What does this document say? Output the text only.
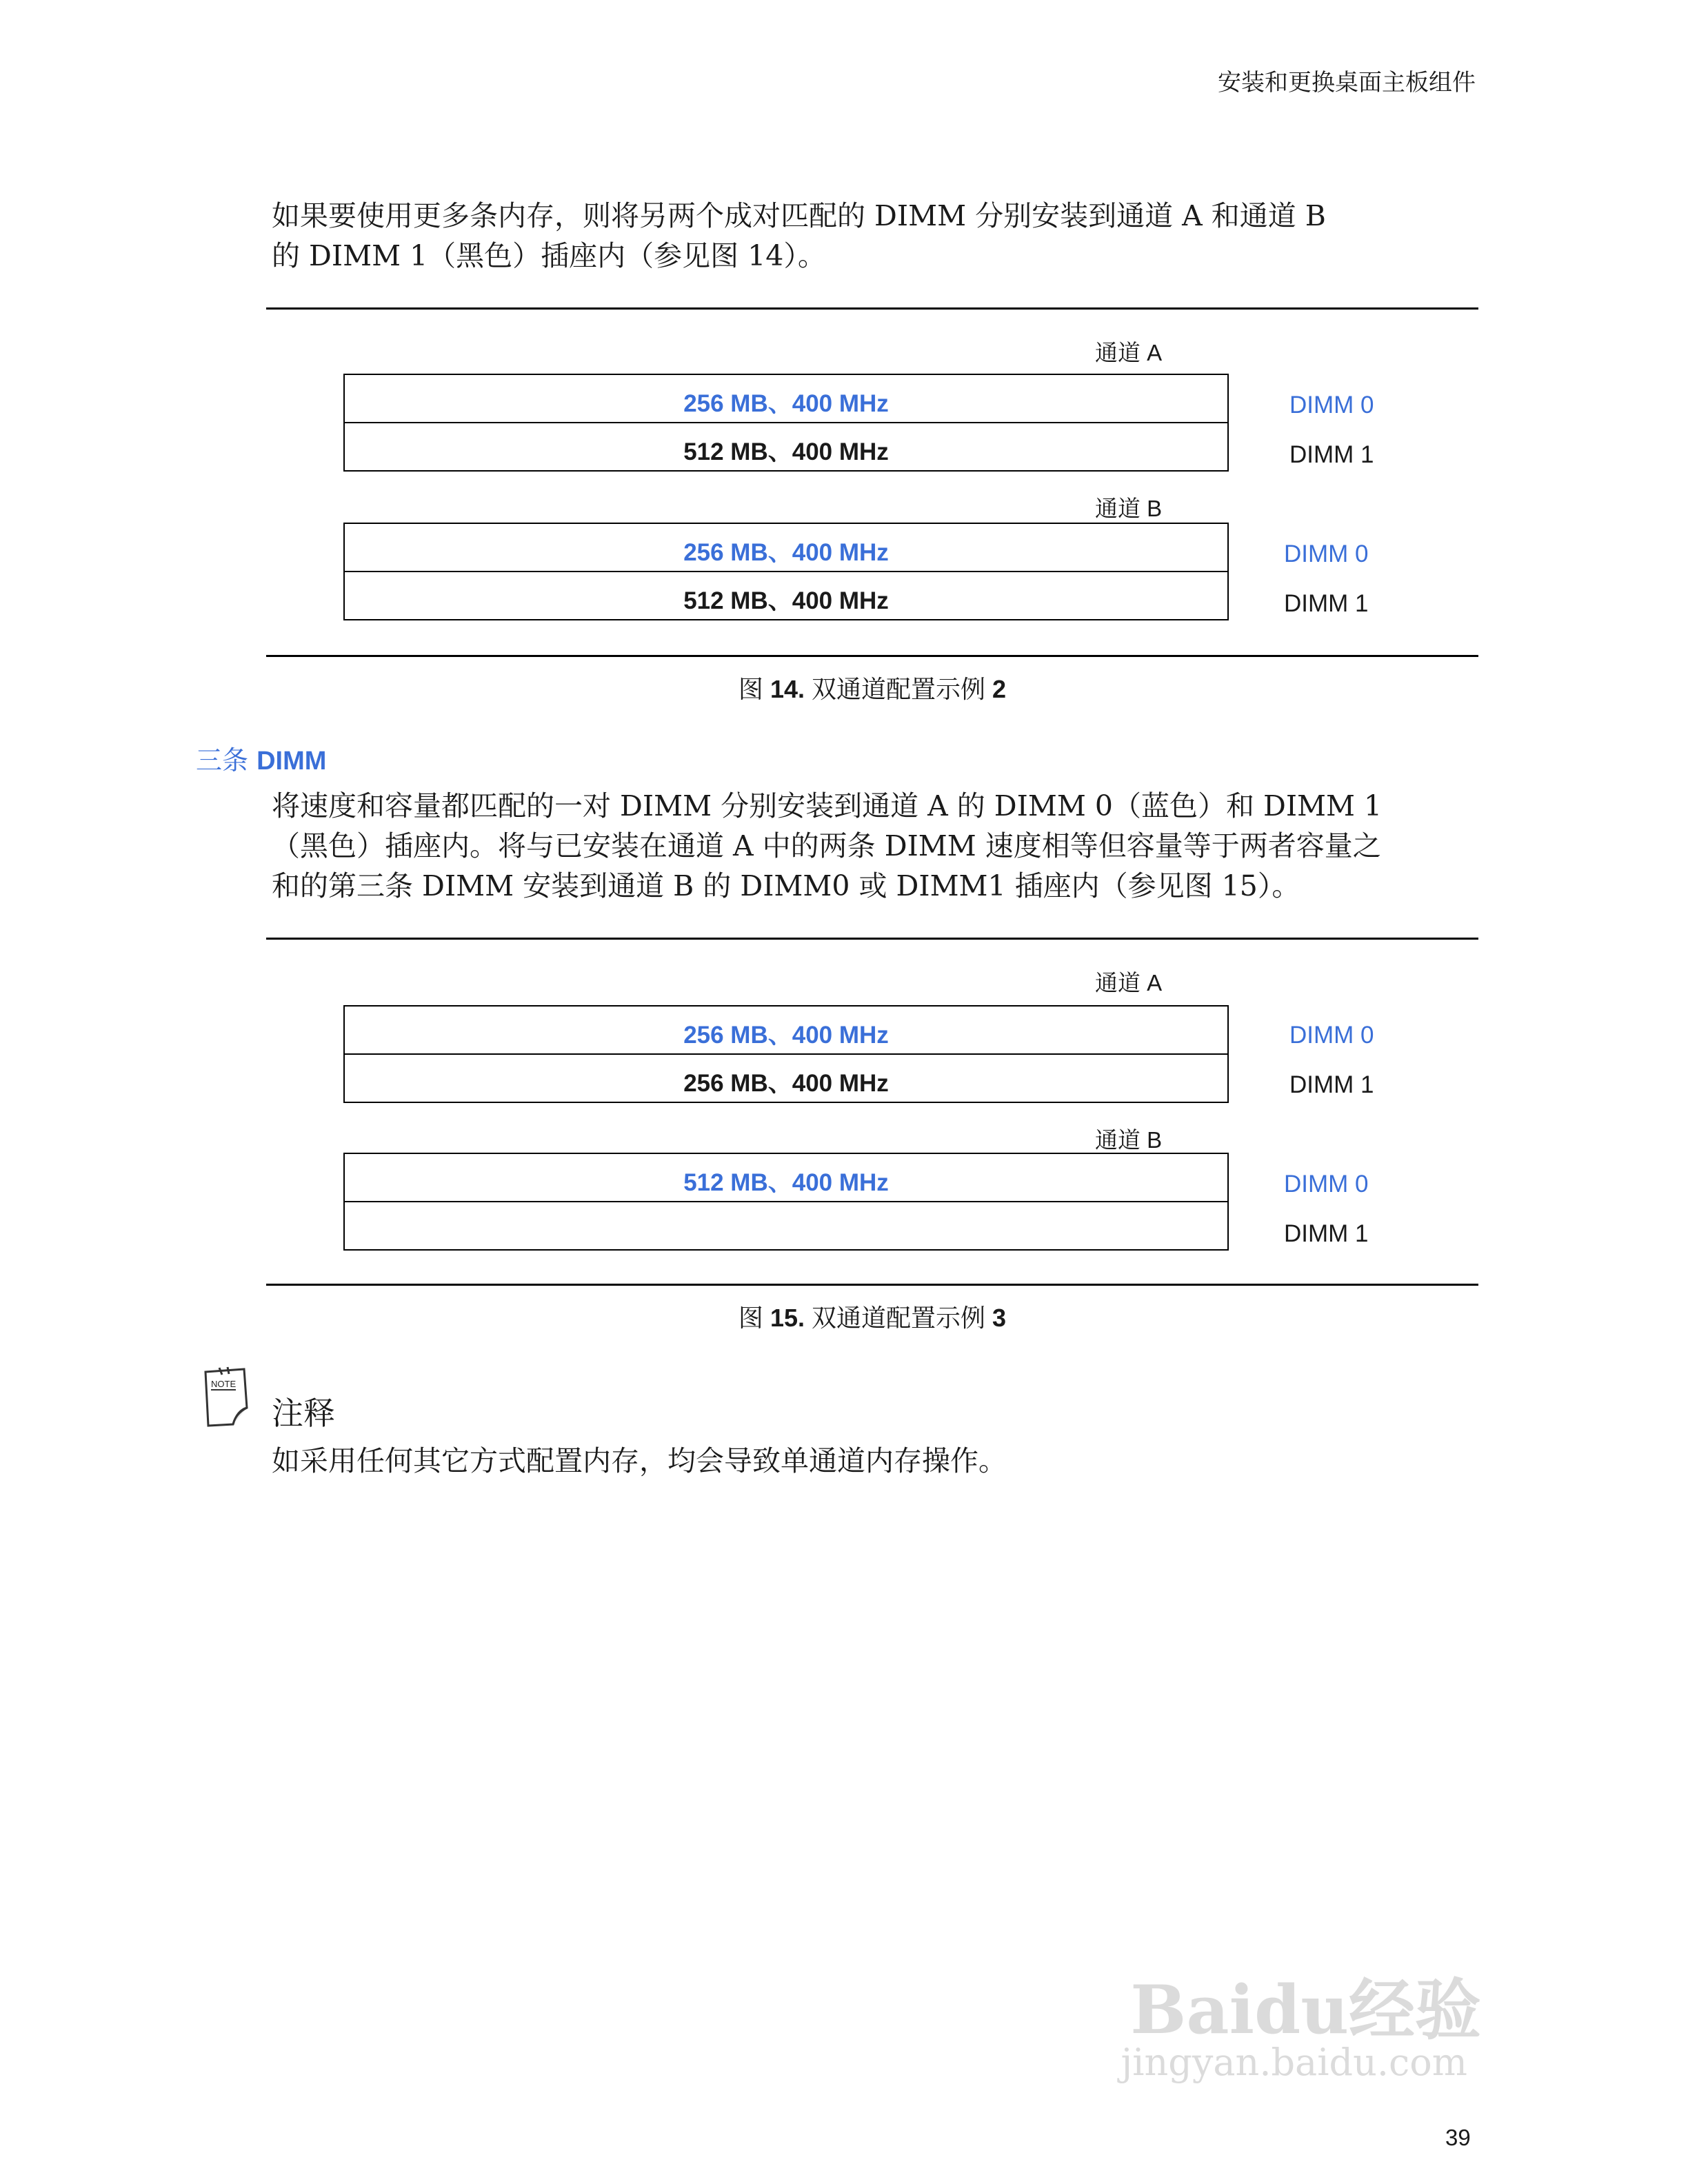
安装和更换桌面主板组件
如果要使用更多条内存，则将另两个成对匹配的 DIMM 分别安装到通道 A 和通道 B
的 DIMM 1（黑色）插座内（参见图 14）。
通道 A
256 MB、400 MHz
512 MB、400 MHz
DIMM 0
DIMM 1
通道 B
256 MB、400 MHz
512 MB、400 MHz
DIMM 0
DIMM 1
图 14. 双通道配置示例 2
三条 DIMM
将速度和容量都匹配的一对 DIMM 分别安装到通道 A 的 DIMM 0（蓝色）和 DIMM 1
（黑色）插座内。将与已安装在通道 A 中的两条 DIMM 速度相等但容量等于两者容量之
和的第三条 DIMM 安装到通道 B 的 DIMM0 或 DIMM1 插座内（参见图 15）。
通道 A
256 MB、400 MHz
256 MB、400 MHz
DIMM 0
DIMM 1
通道 B
512 MB、400 MHz	DIMM 0
DIMM 1
图 15. 双通道配置示例 3
NOTE
注释
如采用任何其它方式配置内存，均会导致单通道内存操作。
Baidu经验
jingyan.baidu.com
39
